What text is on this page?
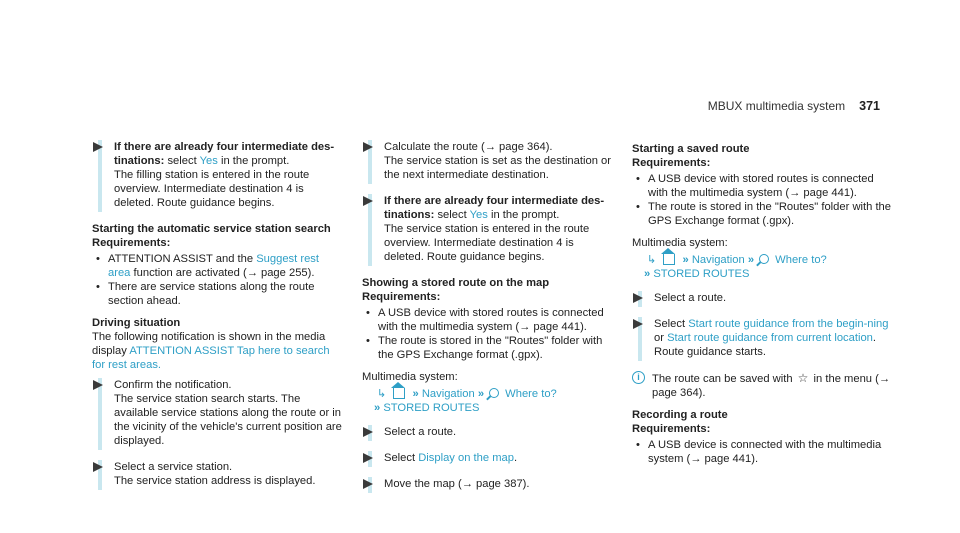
MBUX multimedia system 371
If there are already four intermediate des-tinations: select Yes in the prompt.
The filling station is entered in the route overview. Intermediate destination 4 is deleted. Route guidance begins.
Starting the automatic service station search
Requirements:
• ATTENTION ASSIST and the Suggest rest area function are activated (→ page 255).
• There are service stations along the route section ahead.
Driving situation
The following notification is shown in the media display ATTENTION ASSIST Tap here to search for rest areas.
Confirm the notification.
The service station search starts. The available service stations along the route or in the vicinity of the vehicle's current position are displayed.
Select a service station.
The service station address is displayed.
Calculate the route (→ page 364).
The service station is set as the destination or the next intermediate destination.
If there are already four intermediate des-tinations: select Yes in the prompt.
The service station is entered in the route overview. Intermediate destination 4 is deleted. Route guidance begins.
Showing a stored route on the map
Requirements:
• A USB device with stored routes is connected with the multimedia system (→ page 441).
• The route is stored in the "Routes" folder with the GPS Exchange format (.gpx).
Multimedia system:
↳ » Navigation » Where to?
» STORED ROUTES
Select a route.
Select Display on the map.
Move the map (→ page 387).
Starting a saved route
Requirements:
• A USB device with stored routes is connected with the multimedia system (→ page 441).
• The route is stored in the "Routes" folder with the GPS Exchange format (.gpx).
Multimedia system:
↳ » Navigation » Where to?
» STORED ROUTES
Select a route.
Select Start route guidance from the begin-ning or Start route guidance from current location.
Route guidance starts.
i	The route can be saved with ☆ in the menu (→ page 364).
Recording a route
Requirements:
• A USB device is connected with the multimedia system (→ page 441).
